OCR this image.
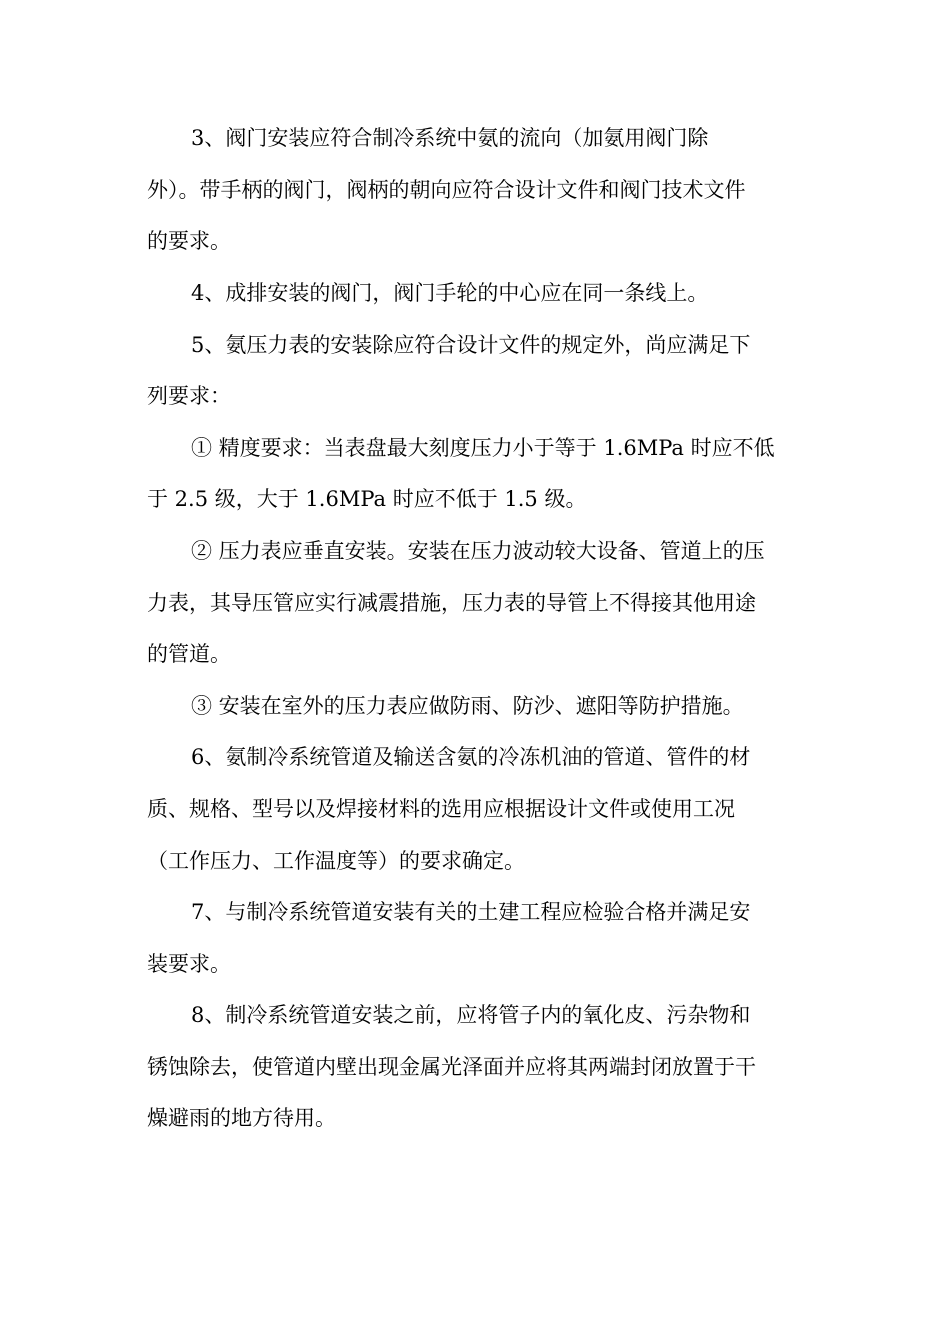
3、阀门安装应符合制冷系统中氨的流向（加氨用阀门除
外）。带手柄的阀门，阀柄的朝向应符合设计文件和阀门技术文件
的要求。
4、成排安装的阀门，阀门手轮的中心应在同一条线上。
5、氨压力表的安装除应符合设计文件的规定外，尚应满足下
列要求：
① 精度要求：当表盘最大刻度压力小于等于 1.6MPa 时应不低
于 2.5 级，大于 1.6MPa 时应不低于 1.5 级。
② 压力表应垂直安装。安装在压力波动较大设备、管道上的压
力表，其导压管应实行减震措施，压力表的导管上不得接其他用途
的管道。
③ 安装在室外的压力表应做防雨、防沙、遮阳等防护措施。
6、氨制冷系统管道及输送含氨的冷冻机油的管道、管件的材
质、规格、型号以及焊接材料的选用应根据设计文件或使用工况
（工作压力、工作温度等）的要求确定。
7、与制冷系统管道安装有关的土建工程应检验合格并满足安
装要求。
8、制冷系统管道安装之前，应将管子内的氧化皮、污杂物和
锈蚀除去，使管道内壁出现金属光泽面并应将其两端封闭放置于干
燥避雨的地方待用。
